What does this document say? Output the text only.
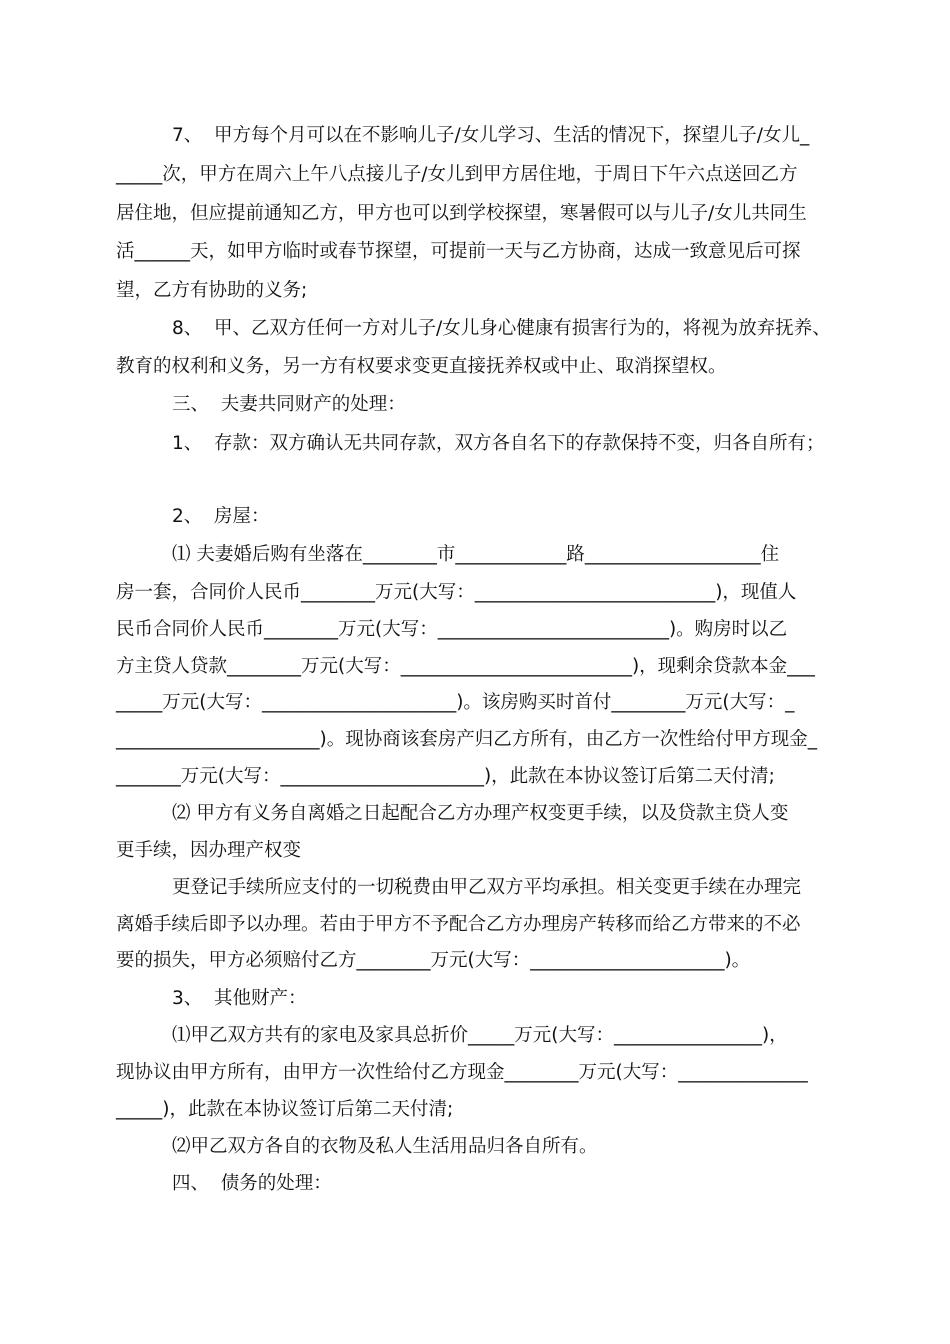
7、  甲方每个月可以在不影响儿子/女儿学习、生活的情况下，探望儿子/女儿_
_____次，甲方在周六上午八点接儿子/女儿到甲方居住地，于周日下午六点送回乙方
居住地，但应提前通知乙方，甲方也可以到学校探望，寒暑假可以与儿子/女儿共同生
活______天，如甲方临时或春节探望，可提前一天与乙方协商，达成一致意见后可探
望，乙方有协助的义务;
8、  甲、乙双方任何一方对儿子/女儿身心健康有损害行为的，将视为放弃抚养、
教育的权利和义务，另一方有权要求变更直接抚养权或中止、取消探望权。
三、  夫妻共同财产的处理：
1、  存款：双方确认无共同存款，双方各自名下的存款保持不变，归各自所有；
2、  房屋：
⑴ 夫妻婚后购有坐落在________市____________路___________________住
房一套，合同价人民币________万元(大写：__________________________)，现值人
民币合同价人民币________万元(大写：_________________________)。购房时以乙
方主贷人贷款________万元(大写：_________________________)，现剩余贷款本金___
_____万元(大写：_____________________)。该房购买时首付________万元(大写：_
______________________)。现协商该套房产归乙方所有，由乙方一次性给付甲方现金_
_______万元(大写：______________________)，此款在本协议签订后第二天付清;
⑵ 甲方有义务自离婚之日起配合乙方办理产权变更手续，以及贷款主贷人变
更手续，因办理产权变
更登记手续所应支付的一切税费由甲乙双方平均承担。相关变更手续在办理完
离婚手续后即予以办理。若由于甲方不予配合乙方办理房产转移而给乙方带来的不必
要的损失，甲方必须赔付乙方________万元(大写：_____________________)。
3、  其他财产：
⑴甲乙双方共有的家电及家具总折价_____万元(大写：________________)，
现协议由甲方所有，由甲方一次性给付乙方现金________万元(大写：______________
_____)，此款在本协议签订后第二天付清;
⑵甲乙双方各自的衣物及私人生活用品归各自所有。
四、  债务的处理：
